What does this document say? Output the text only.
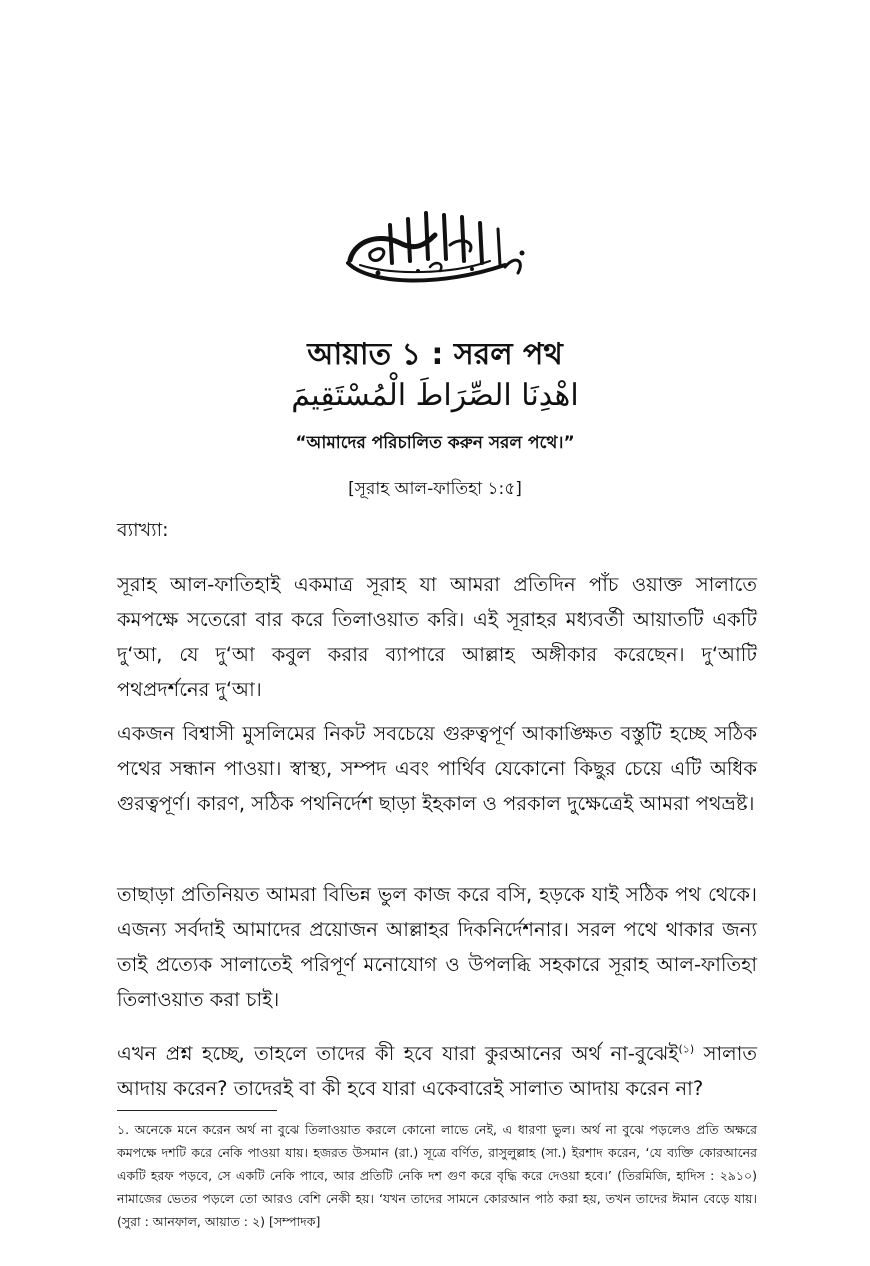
আয়াত ১ : সরল পথ
اهْدِنَا الصِّرَاطَ الْمُسْتَقِيمَ
“আমাদের পরিচালিত করুন সরল পথে।”
[সূরাহ আল-ফাতিহা ১:৫]
ব্যাখ্যা:
সূরাহ আল-ফাতিহাই একমাত্র সূরাহ যা আমরা প্রতিদিন পাঁচ ওয়াক্ত সালাতে কমপক্ষে সতেরো বার করে তিলাওয়াত করি। এই সূরাহর মধ্যবর্তী আয়াতটি একটি দু‘আ, যে দু‘আ কবুল করার ব্যাপারে আল্লাহ অঙ্গীকার করেছেন। দু‘আটি পথপ্রদর্শনের দু‘আ।
একজন বিশ্বাসী মুসলিমের নিকট সবচেয়ে গুরুত্বপূর্ণ আকাঙ্ক্ষিত বস্তুটি হচ্ছে সঠিক পথের সন্ধান পাওয়া। স্বাস্থ্য, সম্পদ এবং পার্থিব যেকোনো কিছুর চেয়ে এটি অধিক গুরত্বপূর্ণ। কারণ, সঠিক পথনির্দেশ ছাড়া ইহকাল ও পরকাল দুক্ষেত্রেই আমরা পথভ্রষ্ট।
তাছাড়া প্রতিনিয়ত আমরা বিভিন্ন ভুল কাজ করে বসি, হড়কে যাই সঠিক পথ থেকে। এজন্য সর্বদাই আমাদের প্রয়োজন আল্লাহর দিকনির্দেশনার। সরল পথে থাকার জন্য তাই প্রত্যেক সালাতেই পরিপূর্ণ মনোযোগ ও উপলব্ধি সহকারে সূরাহ আল-ফাতিহা তিলাওয়াত করা চাই।
এখন প্রশ্ন হচ্ছে, তাহলে তাদের কী হবে যারা কুরআনের অর্থ না-বুঝেই$^{(১)}$ সালাত আদায় করেন? তাদেরই বা কী হবে যারা একেবারেই সালাত আদায় করেন না?
১. অনেকে মনে করেন অর্থ না বুঝে তিলাওয়াত করলে কোনো লাভে নেই, এ ধারণা ভুল। অর্থ না বুঝে পড়লেও প্রতি অক্ষরে কমপক্ষে দশটি করে নেকি পাওয়া যায়। হজরত উসমান (রা.) সূত্রে বর্ণিত, রাসুলুল্লাহ (সা.) ইরশাদ করেন, ‘যে ব্যক্তি কোরআনের একটি হরফ পড়বে, সে একটি নেকি পাবে, আর প্রতিটি নেকি দশ গুণ করে বৃদ্ধি করে দেওয়া হবে।’ (তিরমিজি, হাদিস : ২৯১০) নামাজের ভেতর পড়লে তো আরও বেশি নেকী হয়। ‘যখন তাদের সামনে কোরআন পাঠ করা হয়, তখন তাদের ঈমান বেড়ে যায়। (সুরা : আনফাল, আয়াত : ২) [সম্পাদক]
